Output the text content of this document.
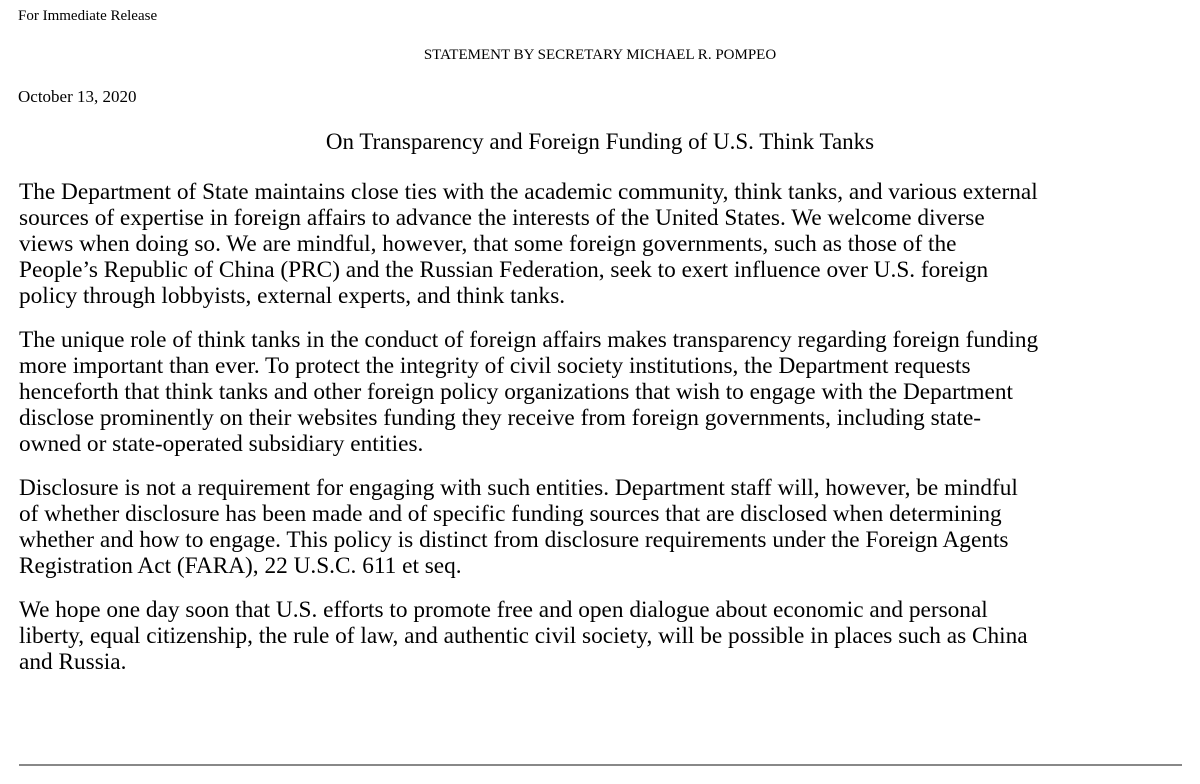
For Immediate Release
STATEMENT BY SECRETARY MICHAEL R. POMPEO
October 13, 2020
On Transparency and Foreign Funding of U.S. Think Tanks

The Department of State maintains close ties with the academic community, think tanks, and various external
sources of expertise in foreign affairs to advance the interests of the United States. We welcome diverse
views when doing so. We are mindful, however, that some foreign governments, such as those of the
People’s Republic of China (PRC) and the Russian Federation, seek to exert influence over U.S. foreign
policy through lobbyists, external experts, and think tanks.

The unique role of think tanks in the conduct of foreign affairs makes transparency regarding foreign funding
more important than ever. To protect the integrity of civil society institutions, the Department requests
henceforth that think tanks and other foreign policy organizations that wish to engage with the Department
disclose prominently on their websites funding they receive from foreign governments, including state-
owned or state-operated subsidiary entities.

Disclosure is not a requirement for engaging with such entities. Department staff will, however, be mindful
of whether disclosure has been made and of specific funding sources that are disclosed when determining
whether and how to engage. This policy is distinct from disclosure requirements under the Foreign Agents
Registration Act (FARA), 22 U.S.C. 611 et seq.

We hope one day soon that U.S. efforts to promote free and open dialogue about economic and personal
liberty, equal citizenship, the rule of law, and authentic civil society, will be possible in places such as China
and Russia.
